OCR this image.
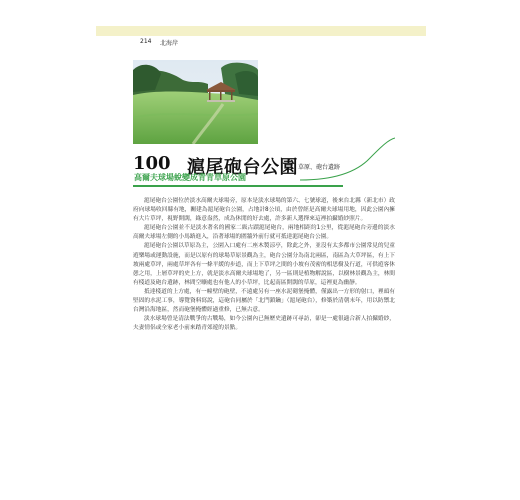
214 北海岸
100 滬尾砲台公園 草原、砲台遺跡
高爾夫球場蛻變成青青草原公園

滬尾砲台公園位於淡水高爾夫球場旁，原本是淡水球場的第六、七號球道，後來台北縣（新北市）政府向球場收回縣有地，關建為滬尾砲台公園，占地計8公頃，由於曾經是高爾夫球場用地，因此公園內擁有大片草坪，視野開闊，綠意盎然，成為休閒的好去處，許多新人選擇來這裡拍攝婚紗照片。

滬尾砲台公園並不是淡水著名的國家二級古蹟滬尾砲台，兩地相距約1公里，從滬尾砲台旁邊的淡水高爾夫球場左側的小馬路進入，沿著球場的圍牆外前行就可抵達滬尾砲台公園。

滬尾砲台公園以草原為主，公園入口處有二座木製涼亭，除此之外，並沒有太多都市公園常見的兒童遊樂場或運動設施，而是以原有的球場草原景觀為主，砲台公園分為南北兩區，南區為大草坪區，有上下坡兩處草坪，兩處草坪各有一條平緩的步道，而上下草坪之間的小坡有茂密的相思樹及行道，可供遊客休憩之用，上層草坪的史上方，就是淡水高爾夫球場地了，另一區則是植物解說區，以樹林景觀為主，林間有棧道及砲台遺跡，林間空曠處也有他人的小草坪，比起南區開闊的草原，這裡更為幽靜。

抵達棧道的上方處，有一幢壁的砲壁，不遠處另有一座水泥砌堡掩體，僅露出一方形的射口，裡頭有堅固的水泥工事，導覽資料寫說，這砲台同屬於「北門鎖鑰」（滬尾砲台），修築於清朝末年，用以防禦北台灣沿海地區，然而砲堡掩體經過重修，已無古意。

淡水球場曾是清法戰爭的古戰場，如今公園內已無歷史遺跡可尋訪，卻是一處很適合新人拍攝婚紗，夫妻情侶或全家老小前來踏青郊遊的景點。
